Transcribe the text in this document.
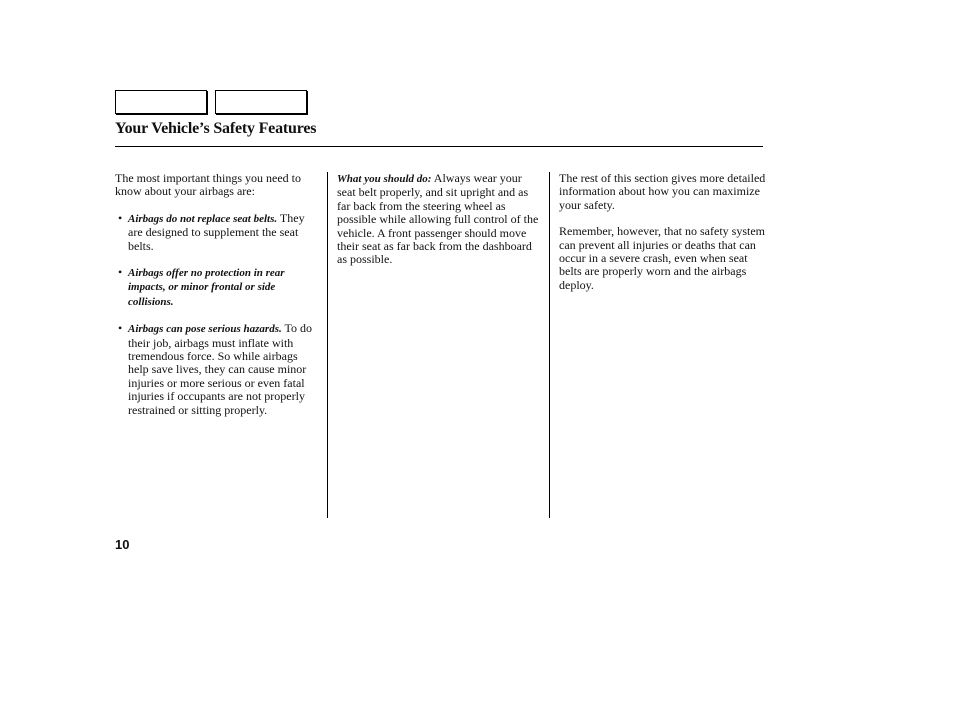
Your Vehicle’s Safety Features

The most important things you need to know about your airbags are:

• Airbags do not replace seat belts. They are designed to supplement the seat belts.
• Airbags offer no protection in rear impacts, or minor frontal or side collisions.
• Airbags can pose serious hazards. To do their job, airbags must inflate with tremendous force. So while airbags help save lives, they can cause minor injuries or more serious or even fatal injuries if occupants are not properly restrained or sitting properly.

What you should do: Always wear your seat belt properly, and sit upright and as far back from the steering wheel as possible while allowing full control of the vehicle. A front passenger should move their seat as far back from the dashboard as possible.

The rest of this section gives more detailed information about how you can maximize your safety.

Remember, however, that no safety system can prevent all injuries or deaths that can occur in a severe crash, even when seat belts are properly worn and the airbags deploy.

10
